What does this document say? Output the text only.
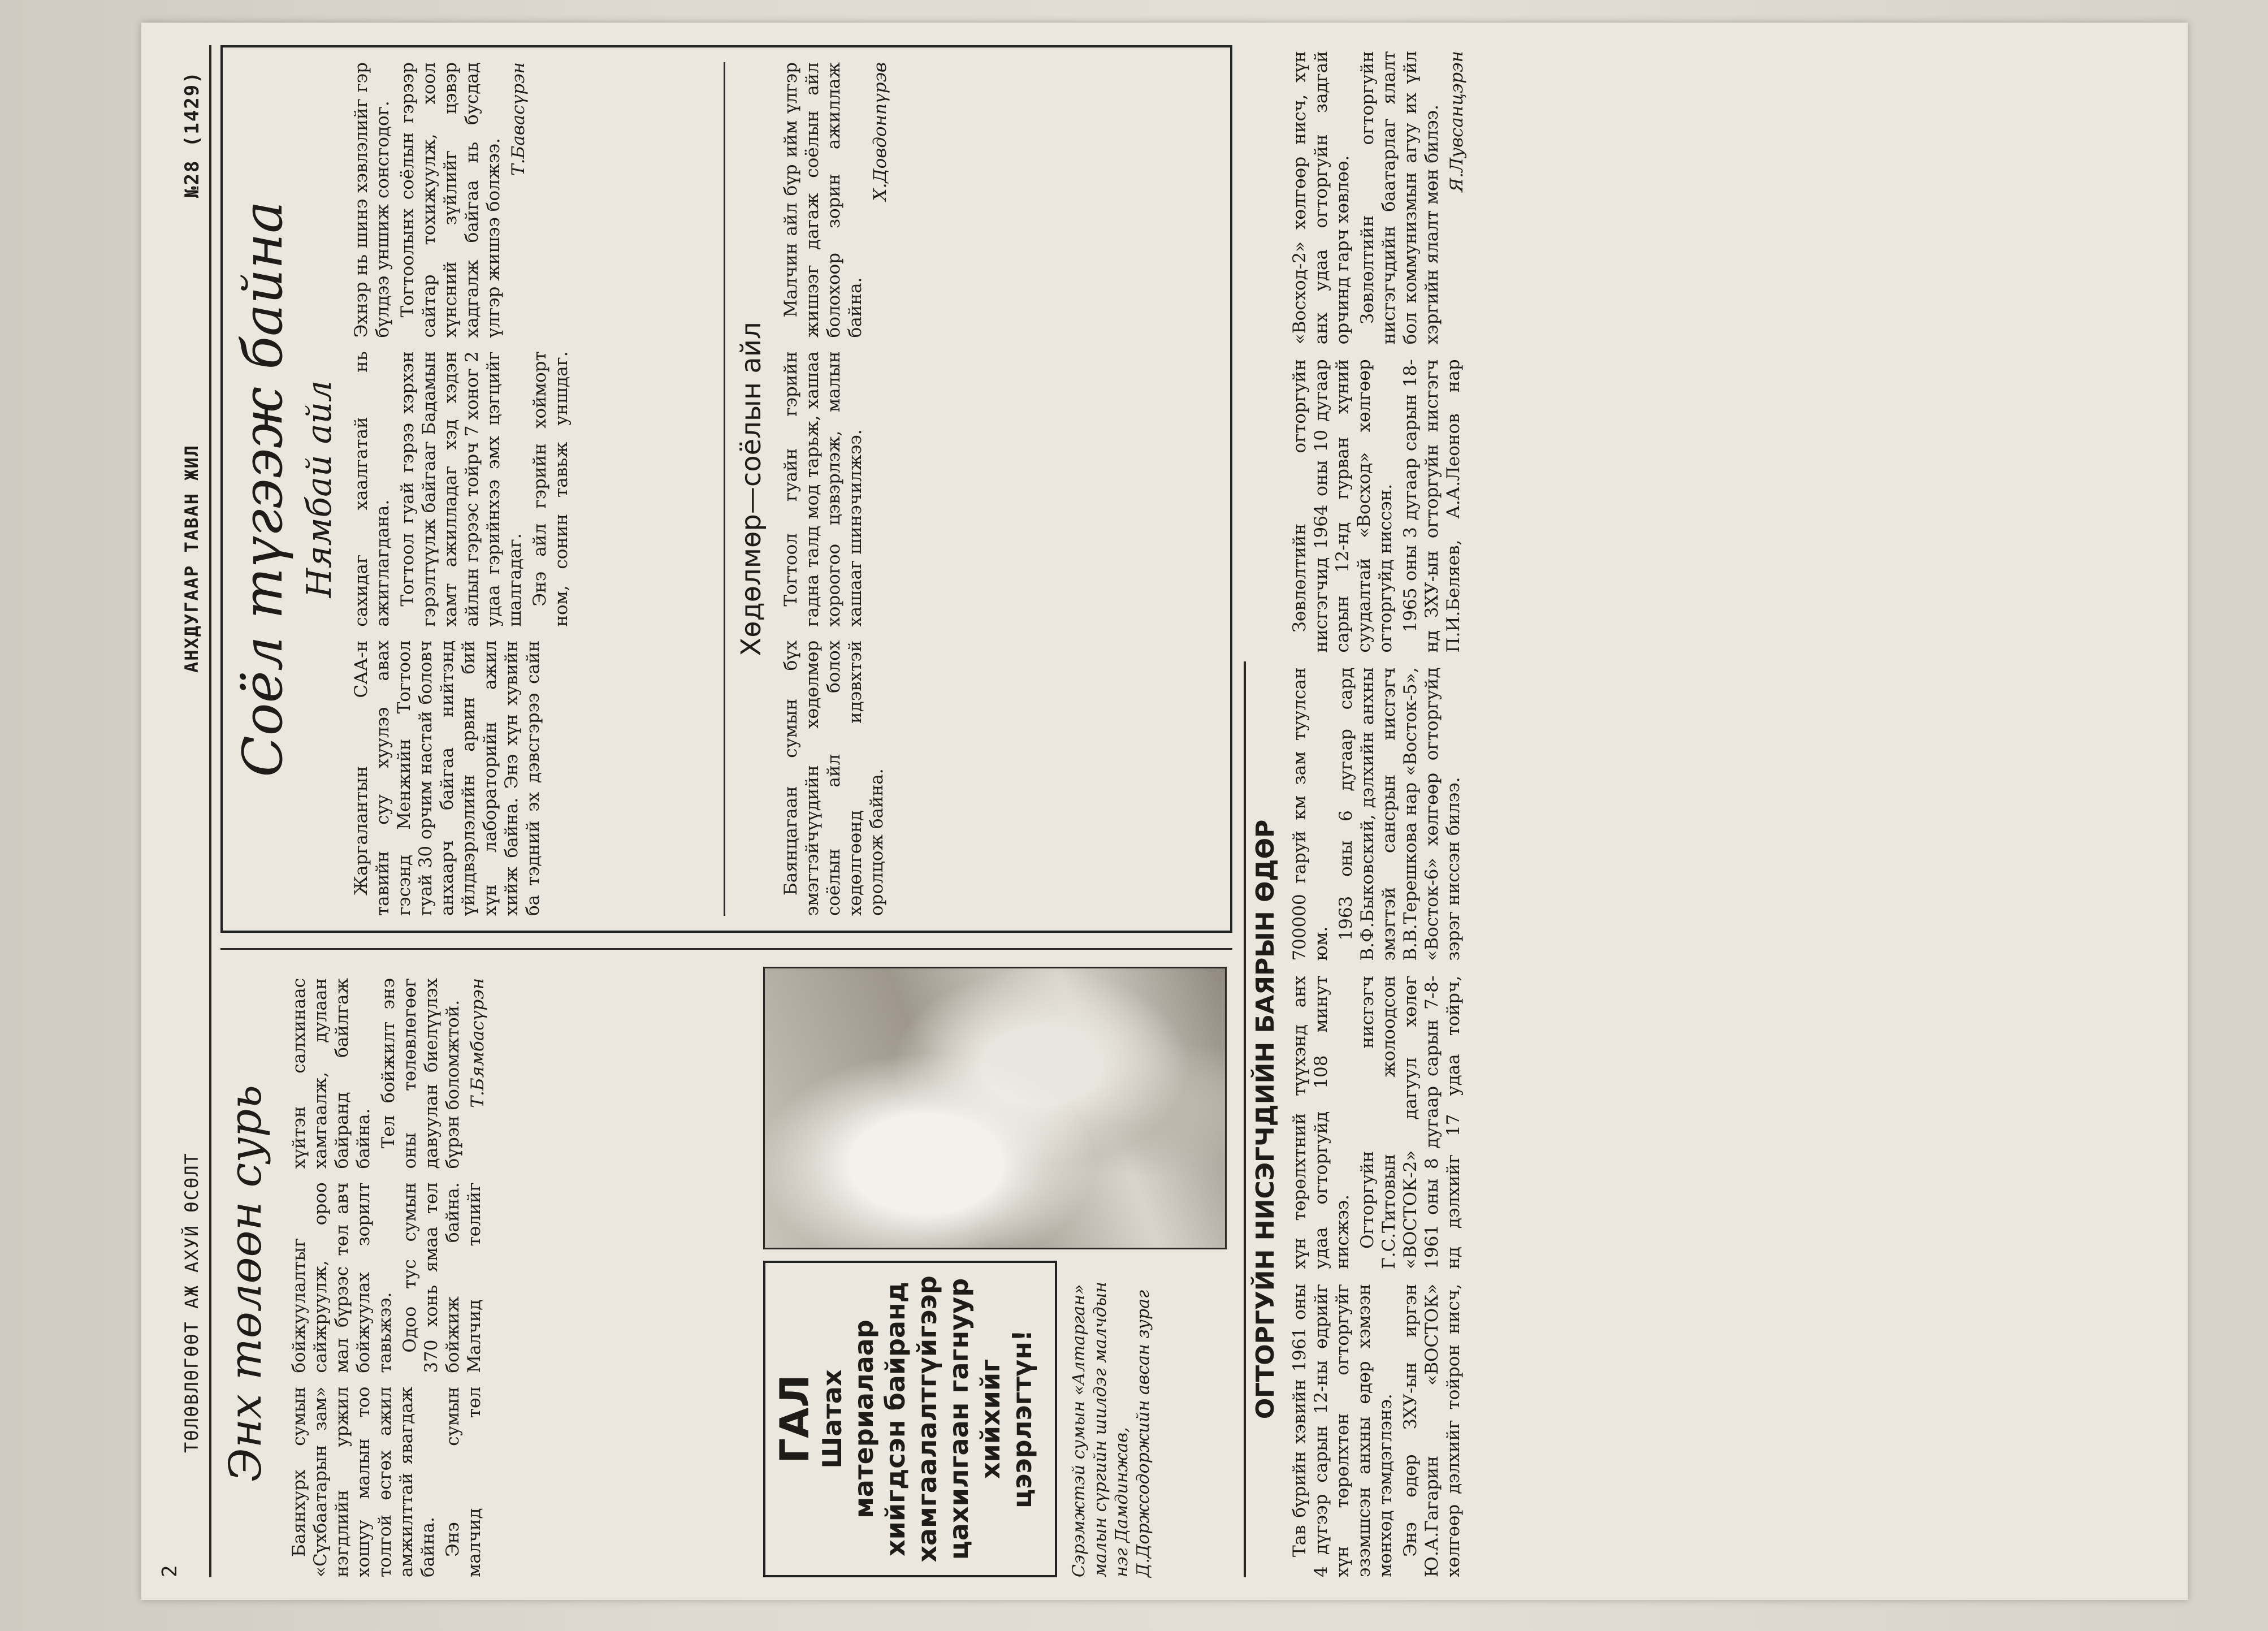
2
ТӨЛӨВЛӨГӨӨТ АЖ АХУЙ ӨСӨЛТ
АНХДУГААР ТАВАН ЖИЛ
№28 (1429)
Энх төлөөн сурь Баянхурх сумын «Сүхбаатарын зам» нэгдлийн уржил хошуу малын тоо толгой өсгөх ажил амжилттай явагдаж байна. Энэ сумын малчид төл бойжуулалтыг сайжруулж, ороо мал бүрээс төл авч бойжуулах зорилт тавьжээ. Одоо тус сумын 370 хонь ямаа төл бойжиж байна. Малчид төлийг хүйтэн салхинаас хамгаалж, дулаан байранд байлгаж байна. Тел бойжилт энэ оны төлөвлөгөөг давуулан биелүүлэх бүрэн боломжтой. Т.Бямбасүрэн
ГАЛ
Шатах материалаар хийгдсэн байранд хамгаалалтгүйгээр цахилгаан гагнуур хийхийг цээрлэгтүн! Сэрэмжтэй сумын «Алтарган» малын сүргийн шилдэг малчдын нэг Дамдинжав, Д.Доржсодоржийн авсан зураг
ОГТОРГУЙН НИСЭГЧДИЙН БАЯРЫН ӨДӨР

Тав бүрийн хэвийн 1961 оны 4 дүгээр сарын 12-ны өдрийг хүн төрөлхтөн огторгуйг эзэмшсэн анхны өдөр хэмээн мөнхөд тэмдэглэнэ. Энэ өдөр ЗХУ-ын иргэн Ю.А.Гагарин «ВОСТОК» хөлгөөр дэлхийг тойрон нисч, хүн төрөлхтний түүхэнд анх удаа огторгуйд 108 минут нисжээ. Огторгуйн нисгэгч Г.С.Титовын жолоодсон «ВОСТОК-2» дагуул хөлөг 1961 оны 8 дугаар сарын 7-8-нд дэлхийг 17 удаа тойрч, 700000 гаруй км зам туулсан юм.

1963 оны 6 дугаар сард В.Ф.Быковский, дэлхийн анхны эмэгтэй сансрын нисгэгч В.В.Терешкова нар «Восток-5», «Восток-6» хөлгөөр огторгуйд зэрэг ниссэн билээ.

Зөвлөлтийн огторгуйн нисгэгчид 1964 оны 10 дугаар сарын 12-нд гурван хүний суудалтай «Восход» хөлгөөр огторгуйд ниссэн. 1965 оны 3 дугаар сарын 18-нд ЗХУ-ын огторгуйн нисгэгч П.И.Беляев, А.А.Леонов нар «Восход-2» хөлгөөр нисч, хүн анх удаа огторгуйн задгай орчинд гарч хөвлөө. Зөвлөлтийн огторгуйн нисгэгчдийн баатарлаг ялалт бол коммунизмын агуу их үйл хэргийн ялалт мөн билээ. Я.Лувсанцэрэн
Соёл түгээж байна Нямбай айл

Жаргалантын САА-н тавийн суу хуулээ авах гэсэнд Менжийн Тогтоол гуай 30 орчим настай боловч анхаарч байгаа нийтэнд үйлдвэрлэлийн арвин бий хүн лабораторийн ажил хийж байна. Энэ хүн хувийн ба тэдний эх дэвсгэрээ сайн сахидаг хаалгатай нь ажиглагдана. Тогтоол гуай гэрээ хэрхэн гэрэлтүүлж байгааг Бадамын хамт ажилладаг хэд хэдэн айлын гэрээс тойрч 7 хоног 2 удаа гэрийнхээ эмх цэгцийг шалгадаг. Энэ айл гэрийн хойморт ном, сонин тавьж уншдаг. Эхнэр нь шинэ хэвлэлийг гэр бүлдээ уншиж сонсгодог. Тогтоолынх соёлын гэрээр сайтар тохижуулж, хоол хүнсний зүйлийг цэвэр хадгалж байгаа нь бусдад үлгэр жишээ болжээ.

Т.Бавасүрэн
Хөдөлмөр—соёлын айл

Баянцагаан сумын бүх эмэгтэйчүүдийн хөдөлмөр соёлын айл болох хөдөлгөөнд идэвхтэй оролцож байна.

Тогтоол гуайн гэрийн гадна талд мод тарьж, хашаа хороогоо цэвэрлэж, малын хашааг шинэчилжээ.

Малчин айл бүр ийм үлгэр жишээг дагаж соёлын айл болохоор зорин ажиллаж байна.

Х.Довдонпүрэв
